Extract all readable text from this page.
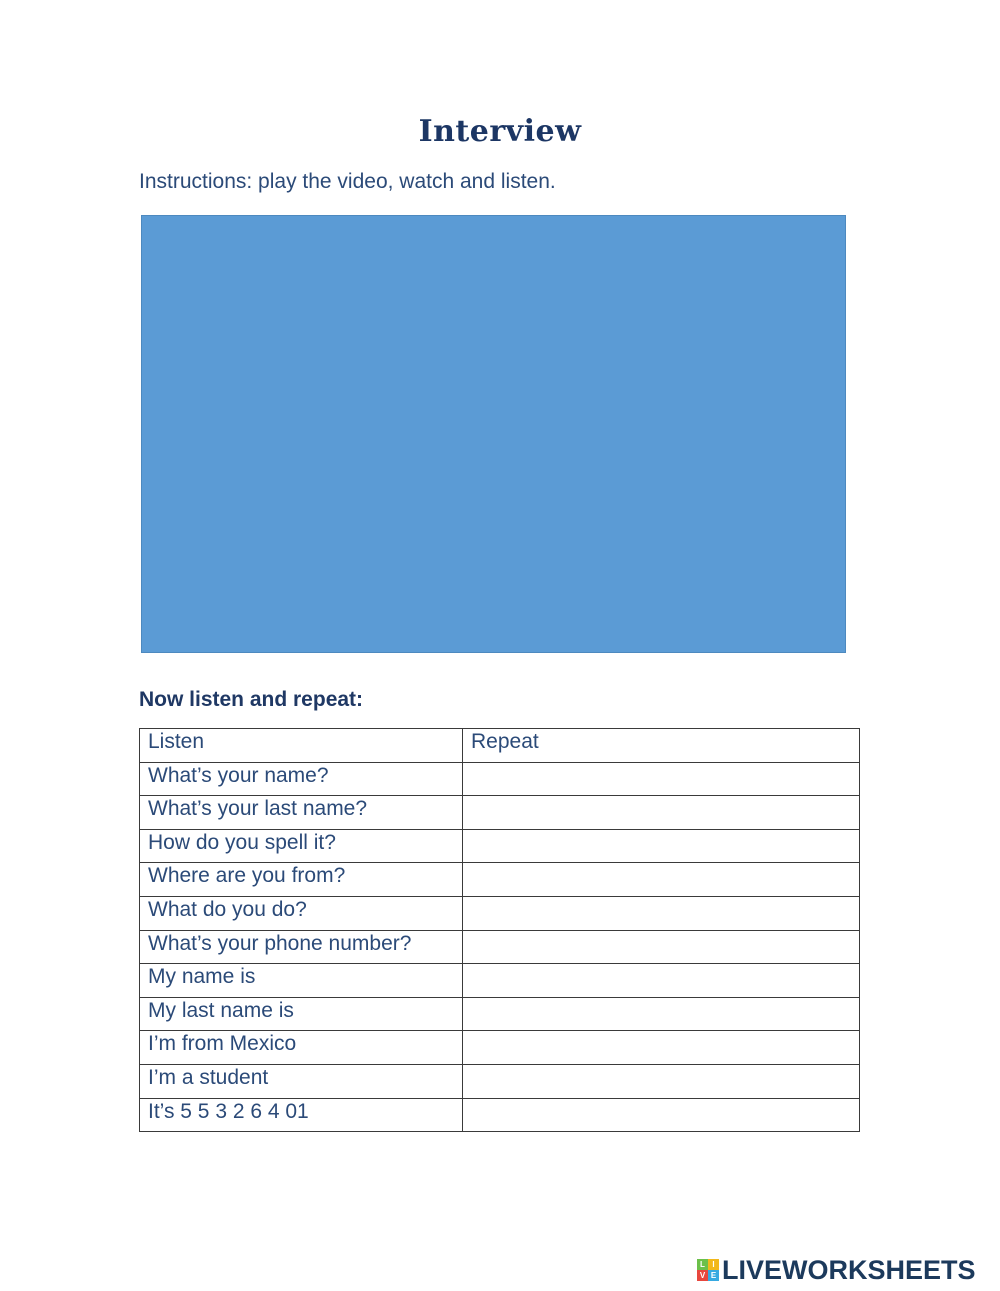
Interview
Instructions: play the video, watch and listen.
Now listen and repeat:
Listen	Repeat
What’s your name?	
What’s your last name?	
How do you spell it?	
Where are you from?	
What do you do?	
What’s your phone number?	
My name is	
My last name is	
I’m from Mexico	
I’m a student	
It’s 5 5 3 2 6 4 01	
L I
V E LIVEWORKSHEETS
